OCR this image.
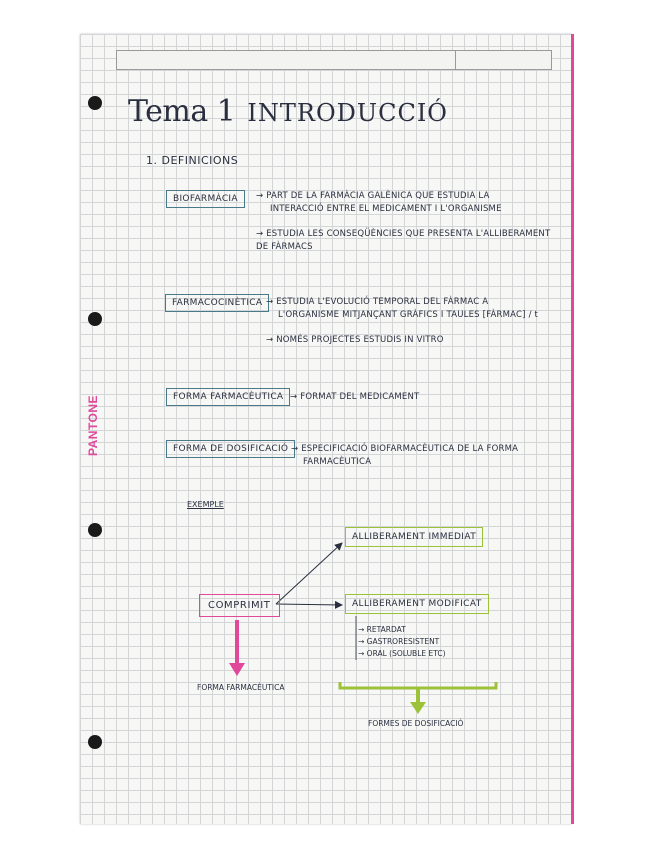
PANTONE
Tema 1 INTRODUCCIÓ
1. DEFINICIONS
BIOFARMÀCIA	→ PART DE LA FARMÀCIA GALÈNICA QUE ESTUDIA LA
INTERACCIÓ ENTRE EL MEDICAMENT I L'ORGANISME
→ ESTUDIA LES CONSEQÜÈNCIES QUE PRESENTA L'ALLIBERAMENT
DE FÀRMACS
FARMACOCINÈTICA → ESTUDIA L'EVOLUCIÓ TEMPORAL DEL FÀRMAC A
L'ORGANISME MITJANÇANT GRÀFICS I TAULES [FÀRMAC] / t
→ NOMÉS PROJECTES ESTUDIS IN VITRO
FORMA FARMACÈUTICA → FORMAT DEL MEDICAMENT
FORMA DE DOSIFICACIÓ → ESPECIFICACIÓ BIOFARMACÈUTICA DE LA FORMA
FARMACÈUTICA
EXEMPLE
ALLIBERAMENT IMMEDIAT
ALLIBERAMENT MODIFICAT
COMPRIMIT
→ RETARDAT
→ GASTRORESISTENT
→ ORAL (SOLUBLE ETC)
FORMA FARMACÈUTICA
FORMES DE DOSIFICACIÓ
